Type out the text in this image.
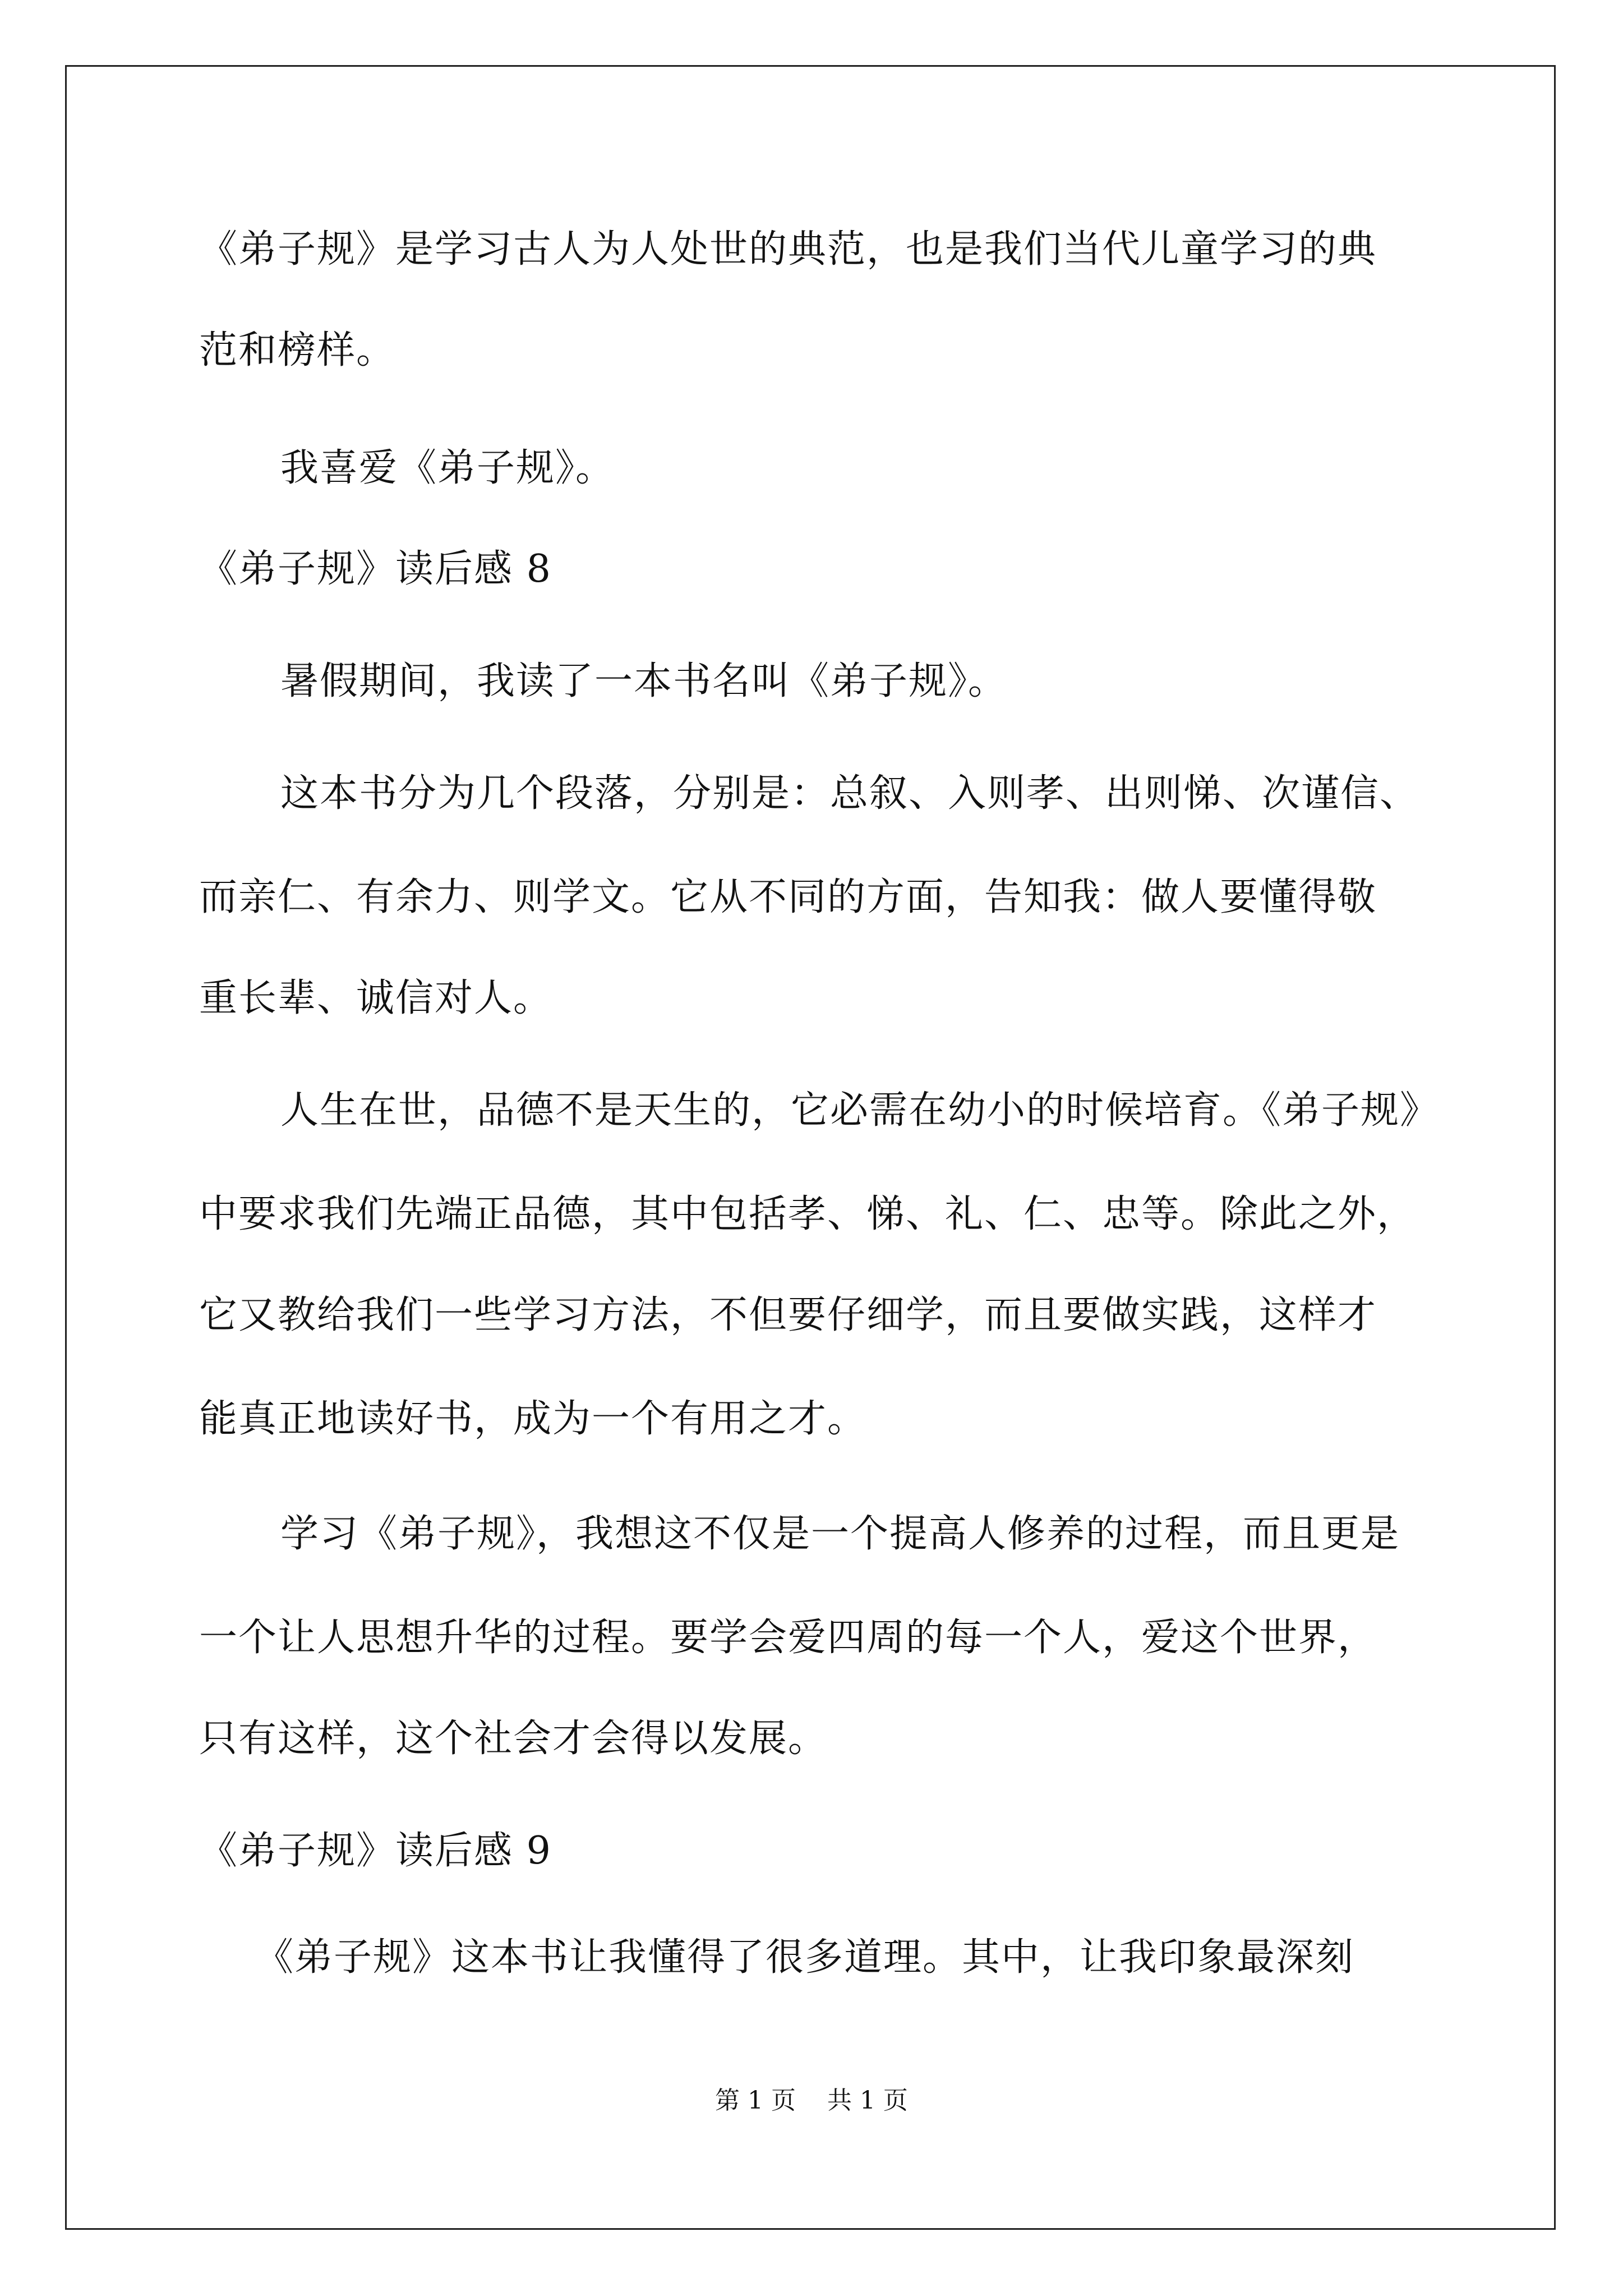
《弟子规》是学习古人为人处世的典范，也是我们当代儿童学习的典
范和榜样。
我喜爱《弟子规》。
《弟子规》读后感 8
暑假期间，我读了一本书名叫《弟子规》。
这本书分为几个段落，分别是：总叙、入则孝、出则悌、次谨信、
而亲仁、有余力、则学文。它从不同的方面，告知我：做人要懂得敬
重长辈、诚信对人。
人生在世，品德不是天生的，它必需在幼小的时候培育。《弟子规》
中要求我们先端正品德，其中包括孝、悌、礼、仁、忠等。除此之外，
它又教给我们一些学习方法，不但要仔细学，而且要做实践，这样才
能真正地读好书，成为一个有用之才。
学习《弟子规》，我想这不仅是一个提高人修养的过程，而且更是
一个让人思想升华的过程。要学会爱四周的每一个人，爱这个世界，
只有这样，这个社会才会得以发展。
《弟子规》读后感 9
《弟子规》这本书让我懂得了很多道理。其中，让我印象最深刻
第 1 页    共 1 页
